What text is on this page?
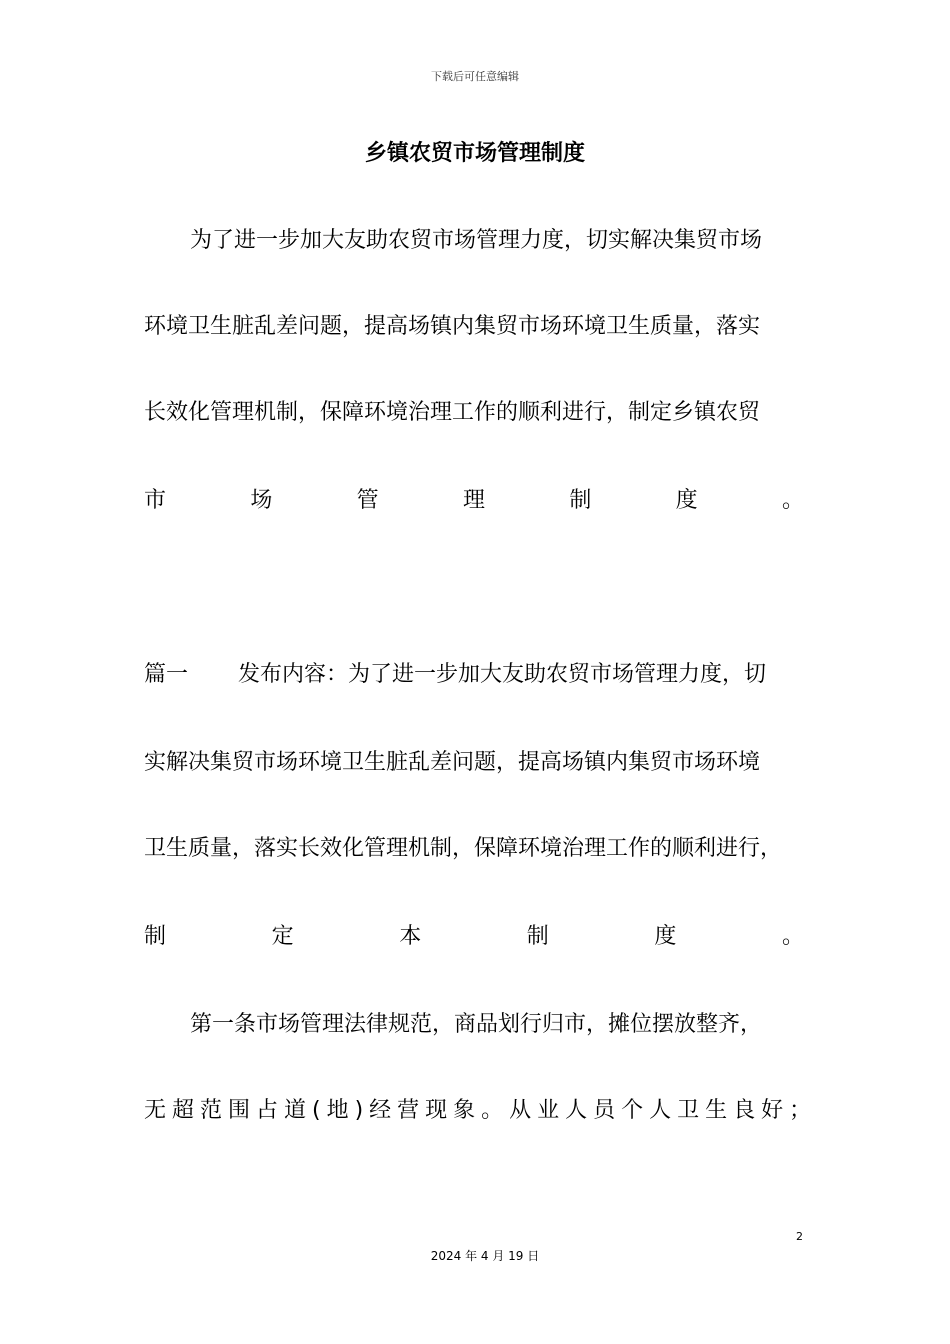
下载后可任意编辑
乡镇农贸市场管理制度
为了进一步加大友助农贸市场管理力度，切实解决集贸市场
环境卫生脏乱差问题，提高场镇内集贸市场环境卫生质量，落实
长效化管理机制，保障环境治理工作的顺利进行，制定乡镇农贸
市	场	管	理	制	度	。
篇一	发布内容：为了进一步加大友助农贸市场管理力度，切
实解决集贸市场环境卫生脏乱差问题，提高场镇内集贸市场环境
卫生质量，落实长效化管理机制，保障环境治理工作的顺利进行，
制	定	本	制	度	。
第一条市场管理法律规范，商品划行归市，摊位摆放整齐，
无超范围占道(地)经营现象。从业人员个人卫生良好；
2
2024 年 4 月 19 日
